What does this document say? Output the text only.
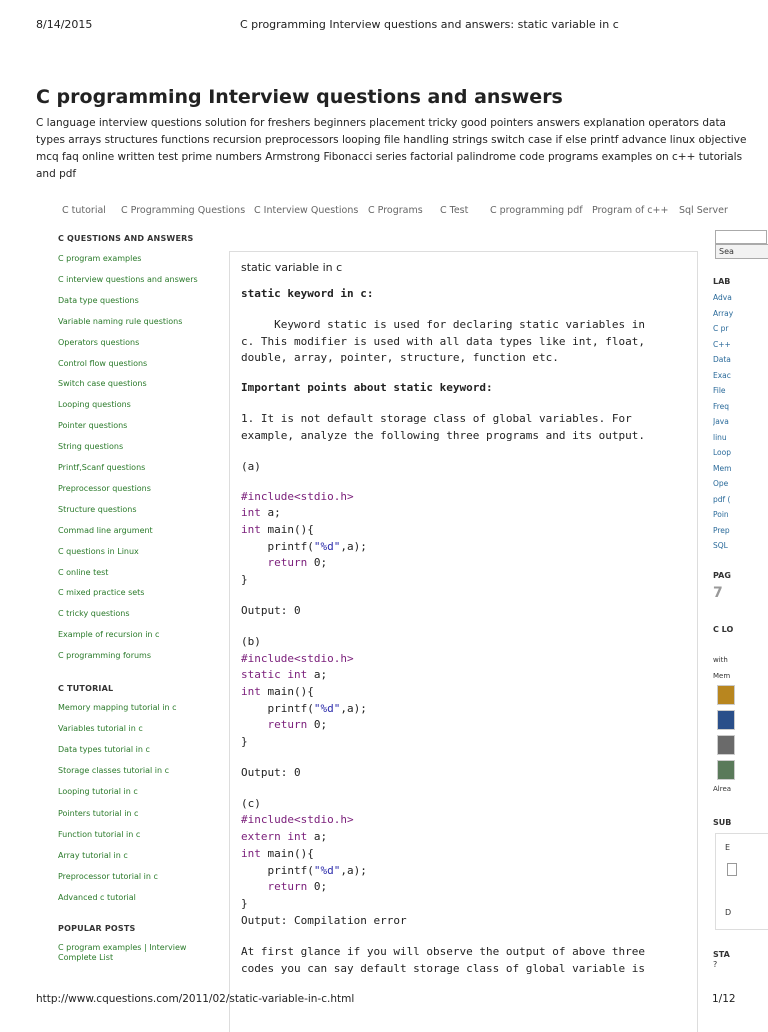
8/14/2015	C programming Interview questions and answers: static variable in c
C programming Interview questions and answers
C language interview questions solution for freshers beginners placement tricky good pointers answers explanation operators data types arrays structures functions recursion preprocessors looping file handling strings switch case if else printf advance linux objective mcq faq online written test prime numbers Armstrong Fibonacci series factorial palindrome code programs examples on c++ tutorials and pdf
C tutorial C Programming Questions C Interview Questions C Programs C Test C programming pdf Program of c++ Sql Server
C QUESTIONS AND ANSWERS
C program examples
C interview questions and answers
Data type questions
Variable naming rule questions
Operators questions
Control flow questions
Switch case questions
Looping questions
Pointer questions
String questions
Printf,Scanf questions
Preprocessor questions
Structure questions
Commad line argument
C questions in Linux
C online test
C mixed practice sets
C tricky questions
Example of recursion in c
C programming forums
C TUTORIAL
Memory mapping tutorial in c
Variables tutorial in c
Data types tutorial in c
Storage classes tutorial in c
Looping tutorial in c
Pointers tutorial in c
Function tutorial in c
Array tutorial in c
Preprocessor tutorial in c
Advanced c tutorial
POPULAR POSTS
C program examples | Interview Complete List
static variable in c
static keyword in c:
Keyword static is used for declaring static variables in
c. This modifier is used with all data types like int, float,
double, array, pointer, structure, function etc.
Important points about static keyword:
1. It is not default storage class of global variables. For
example, analyze the following three programs and its output.
(a)
#include<stdio.h>
int a;
int main(){
printf("%d",a);
return 0;
}
Output: 0
(b)
#include<stdio.h>
static int a;
int main(){
printf("%d",a);
return 0;
}
Output: 0
(c)
#include<stdio.h>
extern int a;
int main(){
printf("%d",a);
return 0;
}
Output: Compilation error
At first glance if you will observe the output of above three
codes you can say default storage class of global variable is
Sea
LAB
Adva
Array
C pr
C++
Data
Exac
File
Freq
Java
linu
Loop
Mem
Ope
pdf (
Poin
Prep
SQL
PAG
7
C LO
with
Mem
Alrea
SUB
E
D
STA
?
http://www.cquestions.com/2011/02/static-variable-in-c.html	1/12
